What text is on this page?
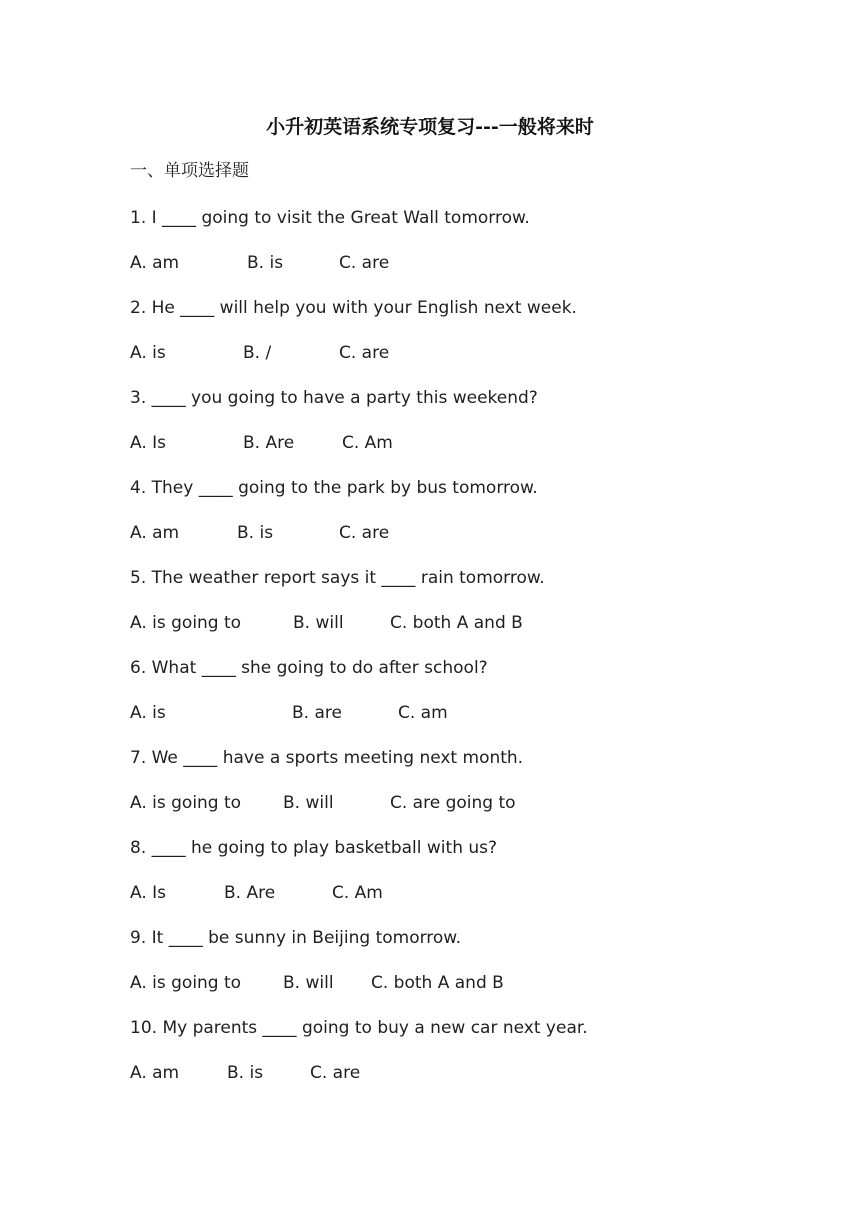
小升初英语系统专项复习---一般将来时
一、单项选择题
1. I ____ going to visit the Great Wall tomorrow.
A. am	B. is	C. are
2. He ____ will help you with your English next week.
A. is	B. /	C. are
3. ____ you going to have a party this weekend?
A. Is	B. Are	C. Am
4. They ____ going to the park by bus tomorrow.
A. am	B. is	C. are
5. The weather report says it ____ rain tomorrow.
A. is going to	B. will	C. both A and B
6. What ____ she going to do after school?
A. is	B. are	C. am
7. We ____ have a sports meeting next month.
A. is going to B. will	C. are going to
8. ____ he going to play basketball with us?
A. Is	B. Are	C. Am
9. It ____ be sunny in Beijing tomorrow.
A. is going to B. will C. both A and B
10. My parents ____ going to buy a new car next year.
A. am	B. is	C. are
